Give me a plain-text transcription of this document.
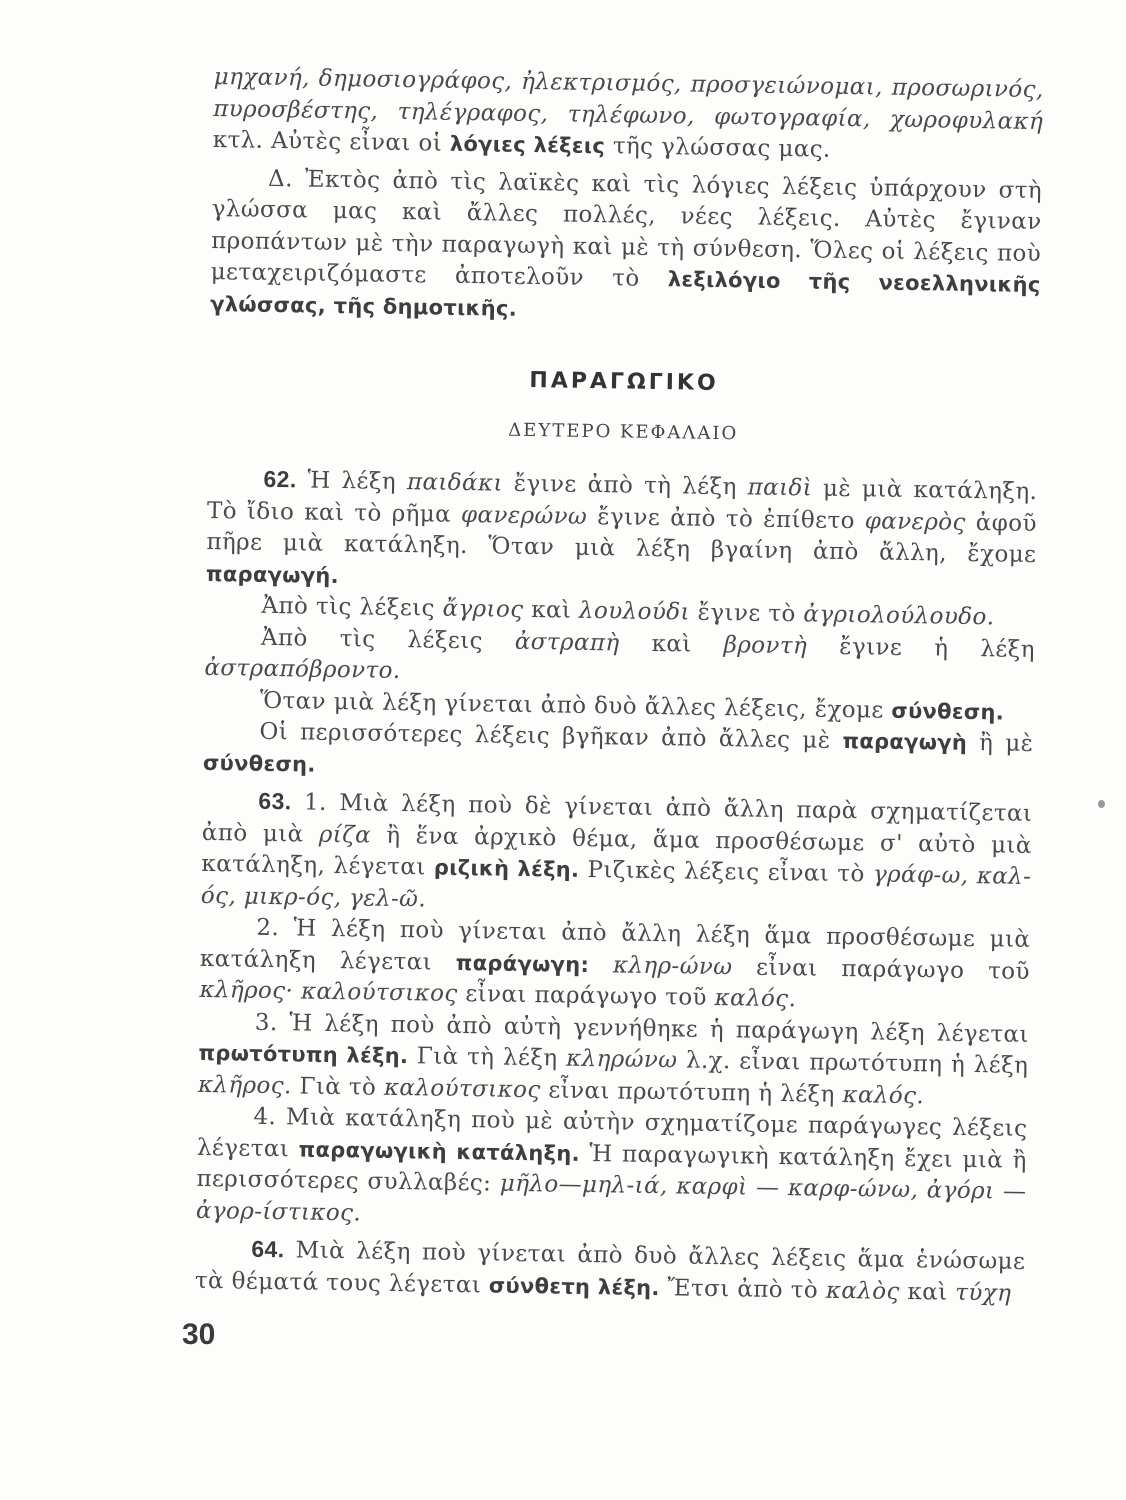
μηχανή, δημοσιογράφος, ἠλεκτρισμός, προσγειώνομαι, προσωρινός, πυροσβέστης, τηλέγραφος, τηλέφωνο, φωτογραφία, χωροφυλακή κτλ. Αὐτὲς εἶναι οἱ λόγιες λέξεις τῆς γλώσσας μας.

Δ. Ἐκτὸς ἀπὸ τὶς λαϊκὲς καὶ τὶς λόγιες λέξεις ὑπάρχουν στὴ γλώσσα μας καὶ ἄλλες πολλές, νέες λέξεις. Αὐτὲς ἔγιναν προπάντων μὲ τὴν παραγωγὴ καὶ μὲ τὴ σύνθεση. Ὅλες οἱ λέξεις ποὺ μεταχειριζόμαστε ἀποτελοῦν τὸ λεξιλόγιο τῆς νεοελληνικῆς γλώσσας, τῆς δημοτικῆς.

ΠΑΡΑΓΩΓΙΚΟ

ΔΕΥΤΕΡΟ ΚΕΦΑΛΑΙΟ

62. Ἡ λέξη παιδάκι ἔγινε ἀπὸ τὴ λέξη παιδὶ μὲ μιὰ κατάληξη. Τὸ ἴδιο καὶ τὸ ρῆμα φανερώνω ἔγινε ἀπὸ τὸ ἐπίθετο φανερὸς ἀφοῦ πῆρε μιὰ κατάληξη. Ὅταν μιὰ λέξη βγαίνη ἀπὸ ἄλλη, ἔχομε παραγωγή.

Ἀπὸ τὶς λέξεις ἄγριος καὶ λουλούδι ἔγινε τὸ ἀγριολούλουδο.

Ἀπὸ τὶς λέξεις ἀστραπὴ καὶ βροντὴ ἔγινε ἡ λέξη ἀστραπόβροντο.

Ὅταν μιὰ λέξη γίνεται ἀπὸ δυὸ ἄλλες λέξεις, ἔχομε σύνθεση.

Οἱ περισσότερες λέξεις βγῆκαν ἀπὸ ἄλλες μὲ παραγωγὴ ἢ μὲ σύνθεση.

63. 1. Μιὰ λέξη ποὺ δὲ γίνεται ἀπὸ ἄλλη παρὰ σχηματίζεται ἀπὸ μιὰ ρίζα ἢ ἕνα ἀρχικὸ θέμα, ἅμα προσθέσωμε σ' αὐτὸ μιὰ κατάληξη, λέγεται ριζικὴ λέξη. Ριζικὲς λέξεις εἶναι τὸ γράφ-ω, καλ-ός, μικρ-ός, γελ-ῶ.

2. Ἡ λέξη ποὺ γίνεται ἀπὸ ἄλλη λέξη ἅμα προσθέσωμε μιὰ κατάληξη λέγεται παράγωγη: κληρ-ώνω εἶναι παράγωγο τοῦ κλῆρος· καλούτσικος εἶναι παράγωγο τοῦ καλός.

3. Ἡ λέξη ποὺ ἀπὸ αὐτὴ γεννήθηκε ἡ παράγωγη λέξη λέγεται πρωτότυπη λέξη. Γιὰ τὴ λέξη κληρώνω λ.χ. εἶναι πρωτότυπη ἡ λέξη κλῆρος. Γιὰ τὸ καλούτσικος εἶναι πρωτότυπη ἡ λέξη καλός.

4. Μιὰ κατάληξη ποὺ μὲ αὐτὴν σχηματίζομε παράγωγες λέξεις λέγεται παραγωγικὴ κατάληξη. Ἡ παραγωγικὴ κατάληξη ἔχει μιὰ ἢ περισσότερες συλλαβές: μῆλο—μηλ-ιά, καρφὶ — καρφ-ώνω, ἀγόρι — ἀγορ-ίστικος.

64. Μιὰ λέξη ποὺ γίνεται ἀπὸ δυὸ ἄλλες λέξεις ἅμα ἑνώσωμε τὰ θέματά τους λέγεται σύνθετη λέξη. Ἔτσι ἀπὸ τὸ καλὸς καὶ τύχη

30
